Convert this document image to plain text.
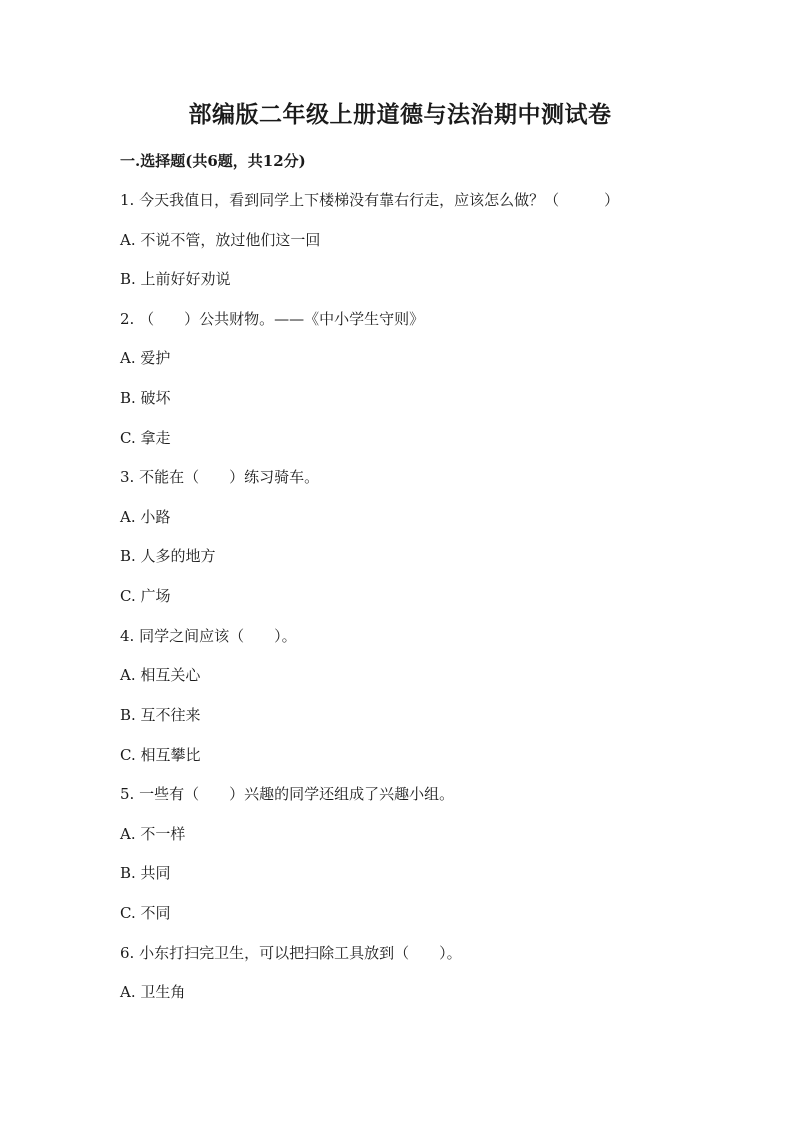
部编版二年级上册道德与法治期中测试卷
一.选择题(共6题，共12分)
1. 今天我值日，看到同学上下楼梯没有靠右行走，应该怎么做？（　　　）
A. 不说不管，放过他们这一回
B. 上前好好劝说
2. （　　）公共财物。——《中小学生守则》
A. 爱护
B. 破坏
C. 拿走
3. 不能在（　　）练习骑车。
A. 小路
B. 人多的地方
C. 广场
4. 同学之间应该（　　）。
A. 相互关心
B. 互不往来
C. 相互攀比
5. 一些有（　　）兴趣的同学还组成了兴趣小组。
A. 不一样
B. 共同
C. 不同
6. 小东打扫完卫生，可以把扫除工具放到（　　）。
A. 卫生角
